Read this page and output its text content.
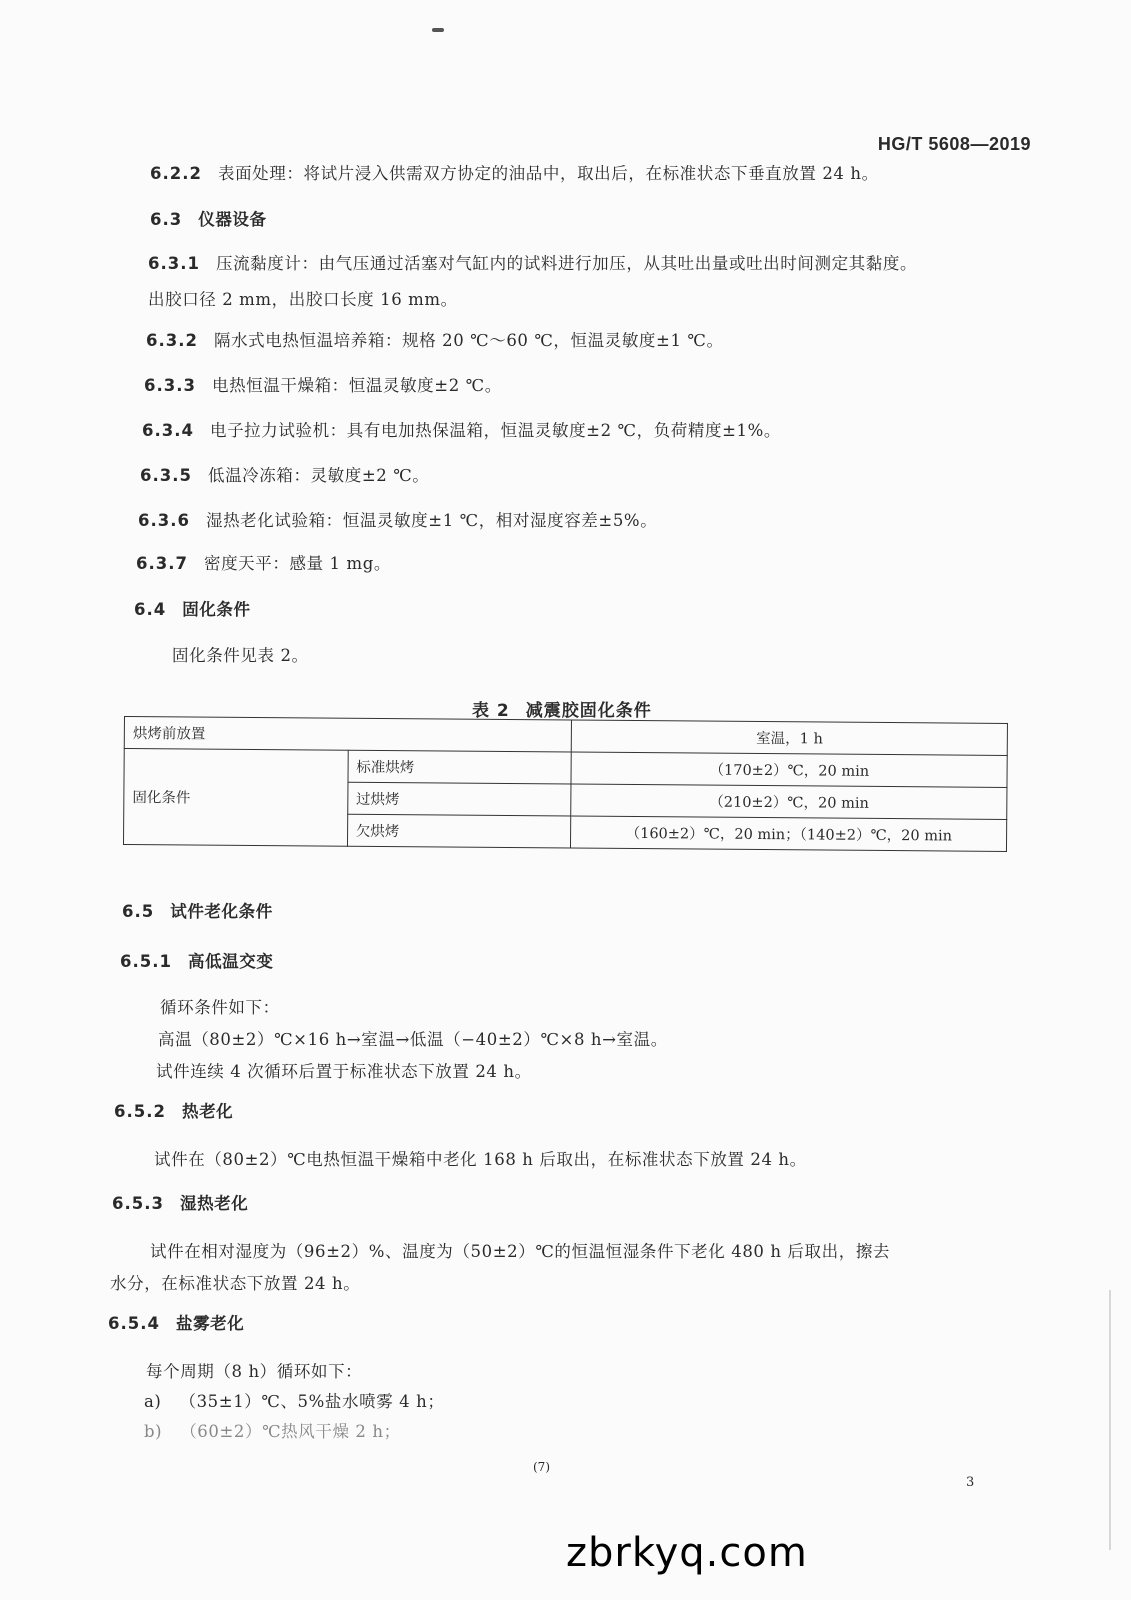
HG/T 5608—2019
6.2.2 表面处理：将试片浸入供需双方协定的油品中，取出后，在标准状态下垂直放置 24 h。
6.3 仪器设备
6.3.1 压流黏度计：由气压通过活塞对气缸内的试料进行加压，从其吐出量或吐出时间测定其黏度。
出胶口径 2 mm，出胶口长度 16 mm。
6.3.2 隔水式电热恒温培养箱：规格 20 ℃～60 ℃，恒温灵敏度±1 ℃。
6.3.3 电热恒温干燥箱：恒温灵敏度±2 ℃。
6.3.4 电子拉力试验机：具有电加热保温箱，恒温灵敏度±2 ℃，负荷精度±1%。
6.3.5 低温冷冻箱：灵敏度±2 ℃。
6.3.6 湿热老化试验箱：恒温灵敏度±1 ℃，相对湿度容差±5%。
6.3.7 密度天平：感量 1 mg。
6.4 固化条件
固化条件见表 2。
表 2 减震胶固化条件
烘烤前放置		室温，1 h
固化条件	标准烘烤	（170±2）℃，20 min
	过烘烤	（210±2）℃，20 min
	欠烘烤	（160±2）℃，20 min；（140±2）℃，20 min
6.5 试件老化条件
6.5.1 高低温交变
循环条件如下：
高温（80±2）℃×16 h→室温→低温（−40±2）℃×8 h→室温。
试件连续 4 次循环后置于标准状态下放置 24 h。
6.5.2 热老化
试件在（80±2）℃电热恒温干燥箱中老化 168 h 后取出，在标准状态下放置 24 h。
6.5.3 湿热老化
试件在相对湿度为（96±2）%、温度为（50±2）℃的恒温恒湿条件下老化 480 h 后取出，擦去
水分，在标准状态下放置 24 h。
6.5.4 盐雾老化
每个周期（8 h）循环如下：
a) （35±1）℃、5%盐水喷雾 4 h；
b) （60±2）℃热风干燥 2 h；
(7)
3
zbrkyq.com
